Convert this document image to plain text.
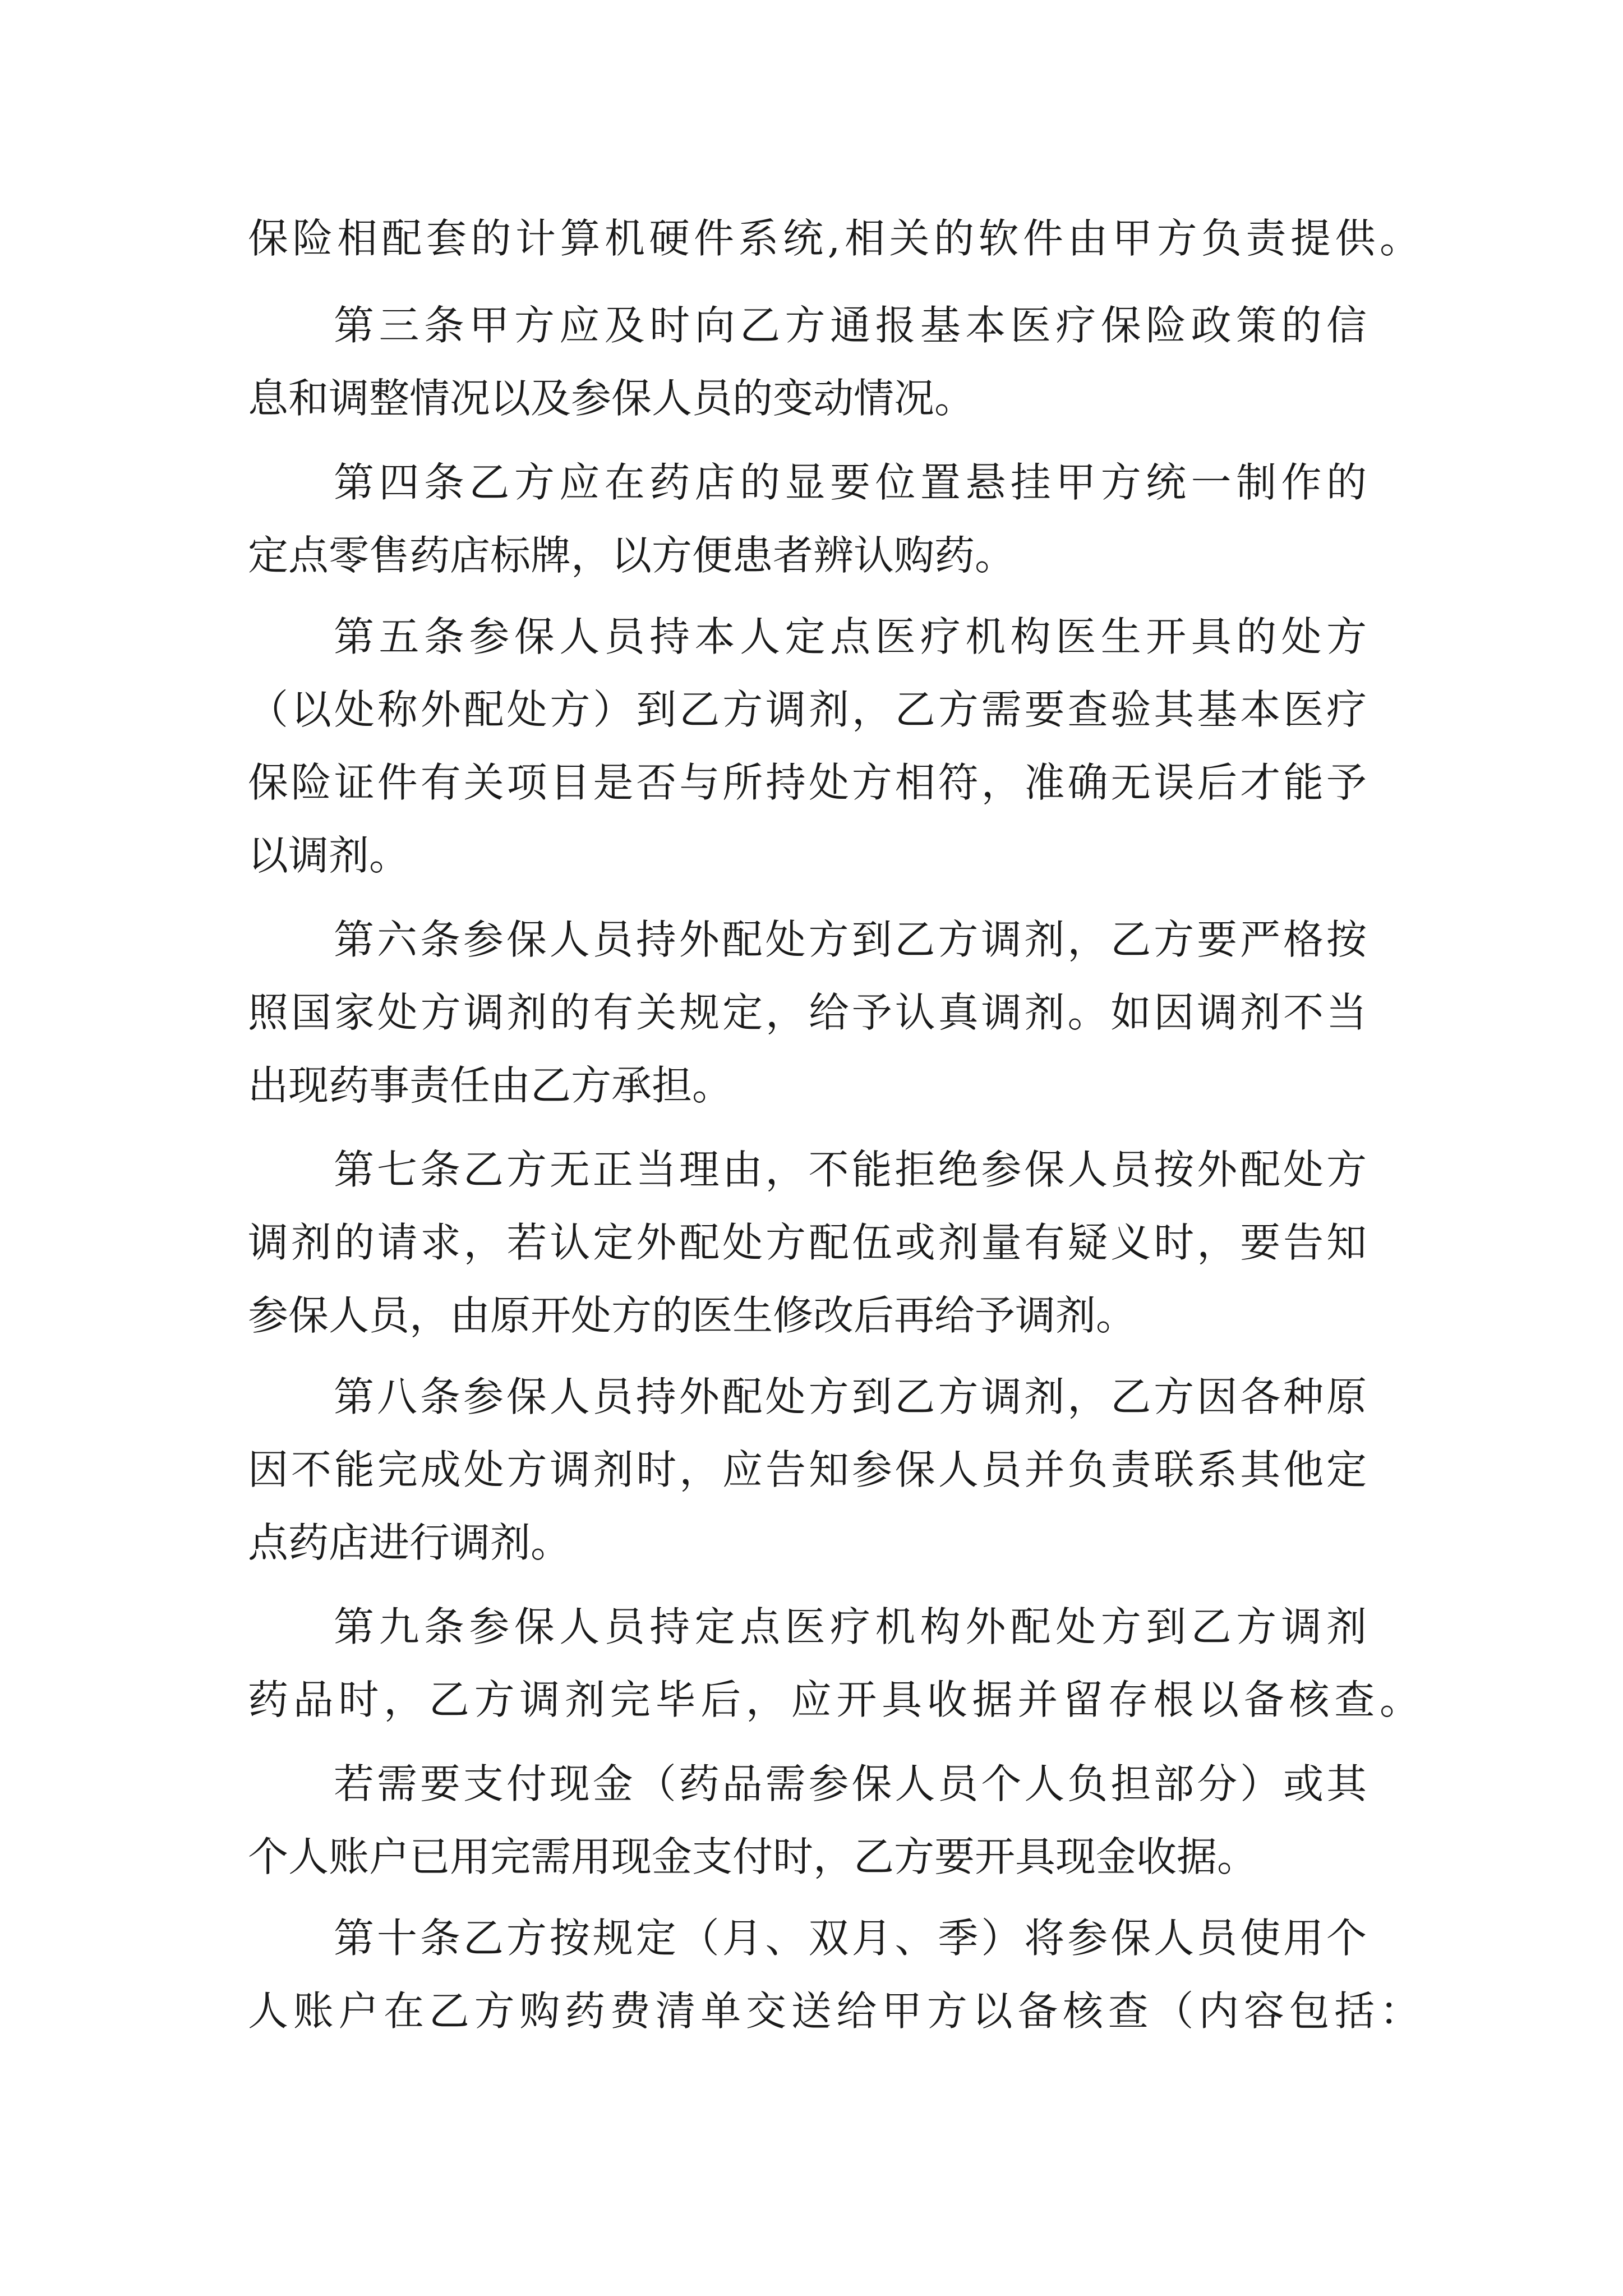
保险相配套的计算机硬件系统,相关的软件由甲方负责提供。
第三条甲方应及时向乙方通报基本医疗保险政策的信
息和调整情况以及参保人员的变动情况。
第四条乙方应在药店的显要位置悬挂甲方统一制作的
定点零售药店标牌，以方便患者辨认购药。
第五条参保人员持本人定点医疗机构医生开具的处方
（以处称外配处方）到乙方调剂，乙方需要查验其基本医疗
保险证件有关项目是否与所持处方相符，准确无误后才能予
以调剂。
第六条参保人员持外配处方到乙方调剂，乙方要严格按
照国家处方调剂的有关规定，给予认真调剂。如因调剂不当
出现药事责任由乙方承担。
第七条乙方无正当理由，不能拒绝参保人员按外配处方
调剂的请求，若认定外配处方配伍或剂量有疑义时，要告知
参保人员，由原开处方的医生修改后再给予调剂。
第八条参保人员持外配处方到乙方调剂，乙方因各种原
因不能完成处方调剂时，应告知参保人员并负责联系其他定
点药店进行调剂。
第九条参保人员持定点医疗机构外配处方到乙方调剂
药品时，乙方调剂完毕后，应开具收据并留存根以备核查。
若需要支付现金（药品需参保人员个人负担部分）或其
个人账户已用完需用现金支付时，乙方要开具现金收据。
第十条乙方按规定（月、双月、季）将参保人员使用个
人账户在乙方购药费清单交送给甲方以备核查（内容包括：
